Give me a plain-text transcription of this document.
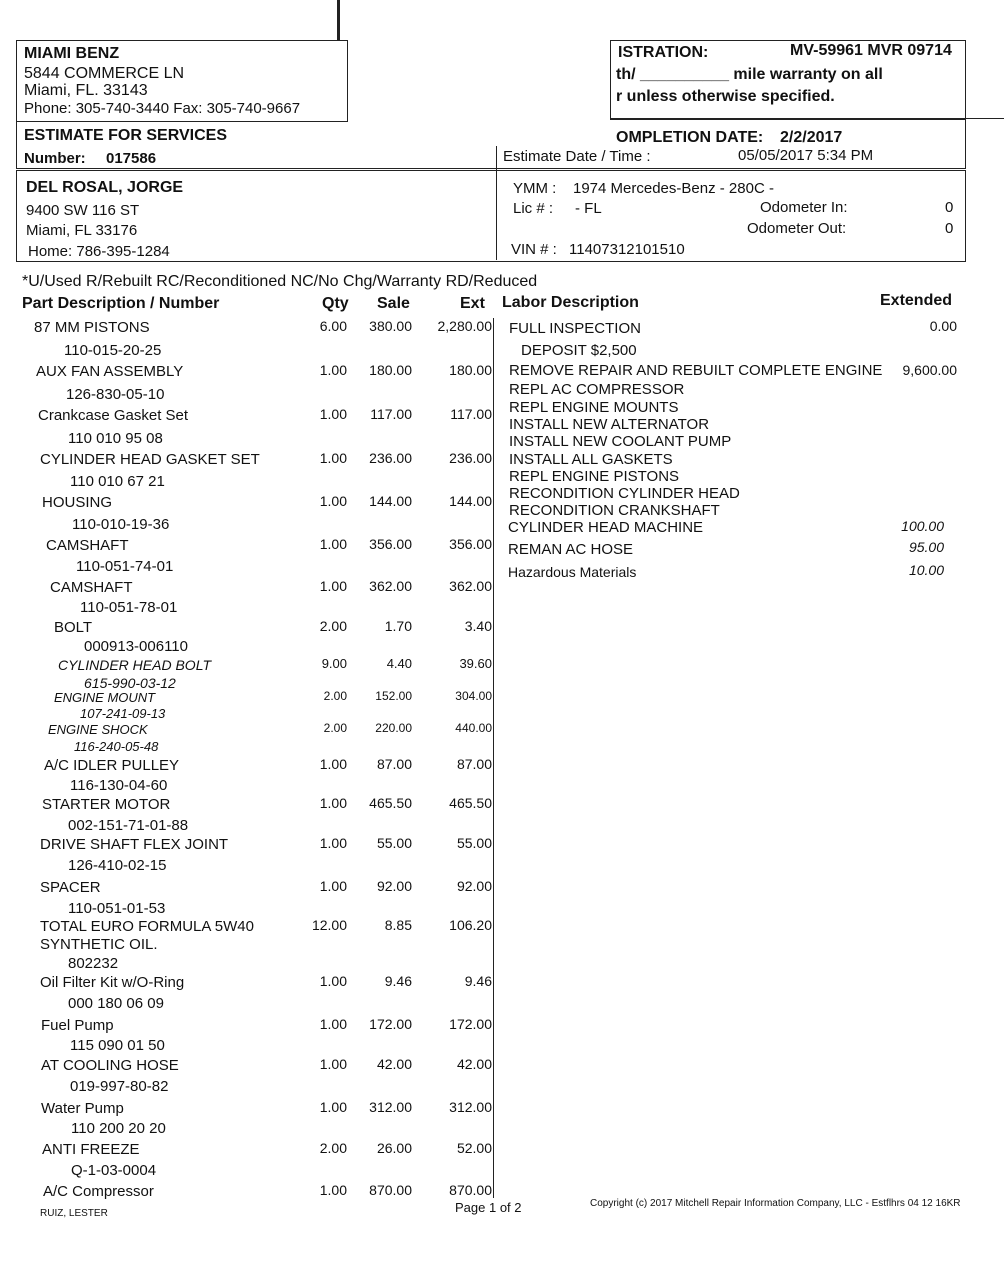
MIAMI BENZ
5844 COMMERCE LN
Miami, FL. 33143
Phone: 305-740-3440 Fax: 305-740-9667
ISTRATION:	MV-59961 MVR 09714
th/ __________ mile warranty on all
r unless otherwise specified.
ESTIMATE FOR SERVICES
Number: 017586
OMPLETION DATE: 2/2/2017
Estimate Date / Time :	05/05/2017 5:34 PM
DEL ROSAL, JORGE
9400 SW 116 ST
Miami, FL 33176
Home: 786-395-1284
YMM : 1974 Mercedes-Benz - 280C -
Lic # : - FL	Odometer In:	0
Odometer Out:	0
VIN # : 11407312101510
*U/Used R/Rebuilt RC/Reconditioned NC/No Chg/Warranty RD/Reduced
Part Description / Number	Qty Sale	Ext Labor Description	Extended
87 MM PISTONS
110-015-20-25
6.00 380.00 2,280.00
AUX FAN ASSEMBLY
126-830-05-10
1.00 180.00	180.00
Crankcase Gasket Set
110 010 95 08
1.00 117.00	117.00
CYLINDER HEAD GASKET SET
110 010 67 21
1.00 236.00	236.00
HOUSING
110-010-19-36
1.00 144.00	144.00
CAMSHAFT
110-051-74-01
1.00 356.00	356.00
CAMSHAFT
110-051-78-01
1.00 362.00	362.00
BOLT
000913-006110
2.00	1.70	3.40
CYLINDER HEAD BOLT
615-990-03-12
9.00	4.40	39.60
ENGINE MOUNT
107-241-09-13
2.00 152.00	304.00
ENGINE SHOCK
116-240-05-48
2.00 220.00	440.00
A/C IDLER PULLEY
116-130-04-60
1.00 87.00	87.00
STARTER MOTOR
002-151-71-01-88
1.00 465.50	465.50
DRIVE SHAFT FLEX JOINT
126-410-02-15
1.00 55.00	55.00
SPACER
110-051-01-53
1.00 92.00	92.00
TOTAL EURO FORMULA 5W40
SYNTHETIC OIL.
802232
12.00	8.85	106.20
Oil Filter Kit w/O-Ring
000 180 06 09
1.00	9.46	9.46
Fuel Pump
115 090 01 50
1.00 172.00	172.00
AT COOLING HOSE
019-997-80-82
1.00 42.00	42.00
Water Pump
110 200 20 20
1.00 312.00	312.00
ANTI FREEZE
Q-1-03-0004
2.00 26.00	52.00
A/C Compressor	1.00 870.00	870.00
FULL INSPECTION	0.00
DEPOSIT $2,500
REMOVE REPAIR AND REBUILT COMPLETE ENGINE 9,600.00
REPL AC COMPRESSOR
REPL ENGINE MOUNTS
INSTALL NEW ALTERNATOR
INSTALL NEW COOLANT PUMP
INSTALL ALL GASKETS
REPL ENGINE PISTONS
RECONDITION CYLINDER HEAD
RECONDITION CRANKSHAFT
CYLINDER HEAD MACHINE	100.00
REMAN AC HOSE	95.00
Hazardous Materials	10.00
RUIZ, LESTER	Page 1 of 2	Copyright (c) 2017 Mitchell Repair Information Company, LLC - Estflhrs 04 12 16KR
